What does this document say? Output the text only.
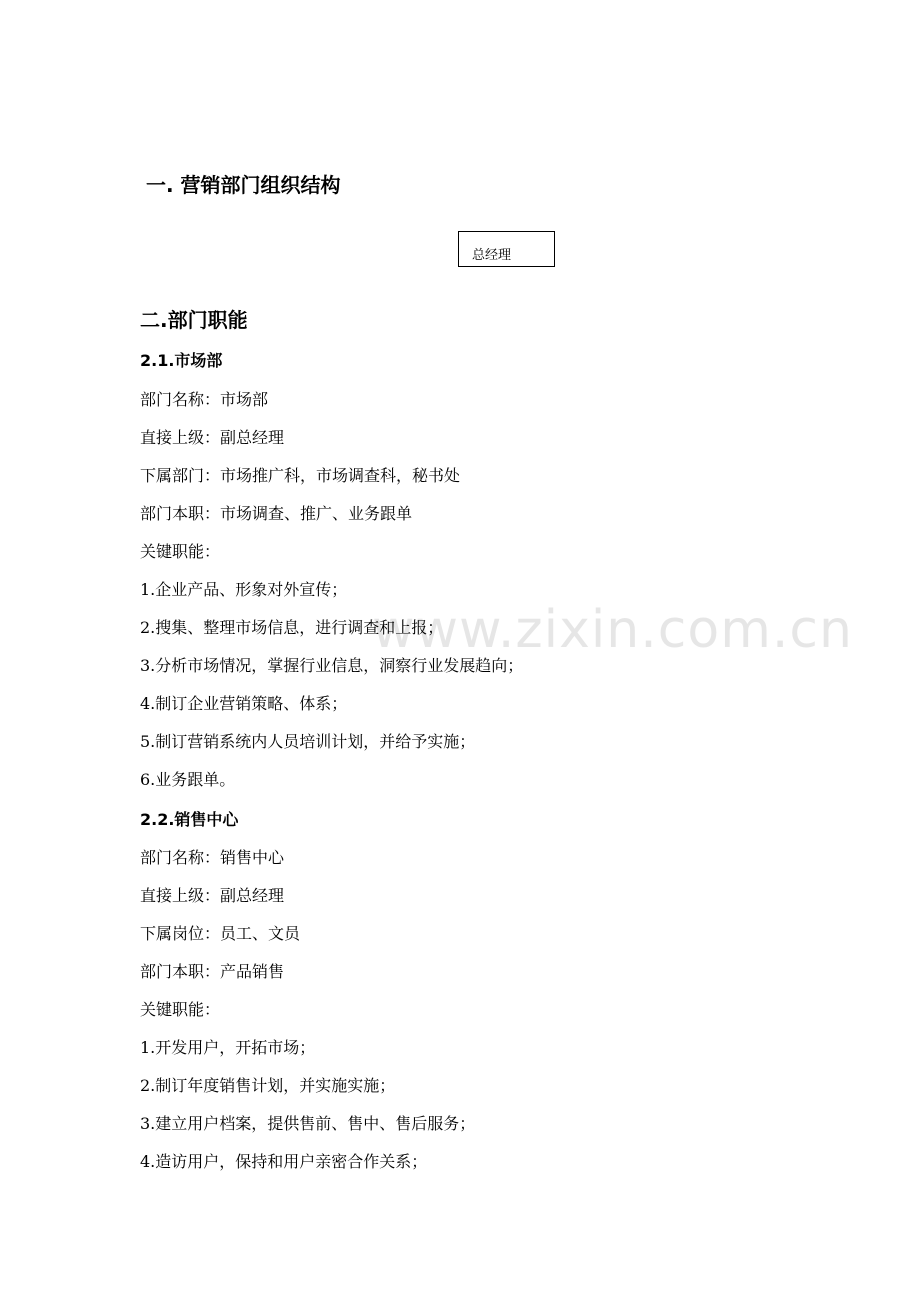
www.zixin.com.cn
一. 营销部门组织结构
总经理
二.部门职能
2.1.市场部
部门名称：市场部
直接上级：副总经理
下属部门：市场推广科，市场调查科，秘书处
部门本职：市场调查、推广、业务跟单
关键职能：
1.企业产品、形象对外宣传；
2.搜集、整理市场信息，进行调查和上报；
3.分析市场情况，掌握行业信息，洞察行业发展趋向；
4.制订企业营销策略、体系；
5.制订营销系统内人员培训计划，并给予实施；
6.业务跟单。
2.2.销售中心
部门名称：销售中心
直接上级：副总经理
下属岗位：员工、文员
部门本职：产品销售
关键职能：
1.开发用户，开拓市场；
2.制订年度销售计划，并实施实施；
3.建立用户档案，提供售前、售中、售后服务；
4.造访用户，保持和用户亲密合作关系；
